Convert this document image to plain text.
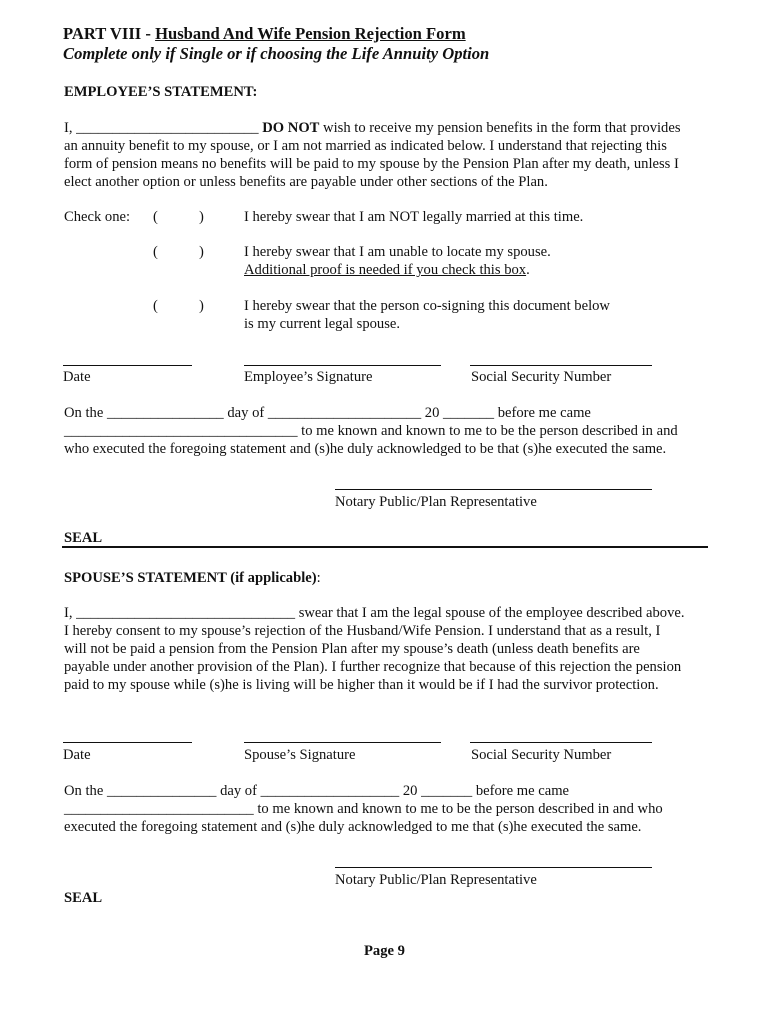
PART VIII - Husband And Wife Pension Rejection Form
Complete only if Single or if choosing the Life Annuity Option
EMPLOYEE’S STATEMENT:
I, _________________________ DO NOT wish to receive my pension benefits in the form that provides
an annuity benefit to my spouse, or I am not married as indicated below. I understand that rejecting this
form of pension means no benefits will be paid to my spouse by the Pension Plan after my death, unless I
elect another option or unless benefits are payable under other sections of the Plan.
Check one: (	)	I hereby swear that I am NOT legally married at this time.
(	)	I hereby swear that I am unable to locate my spouse.
Additional proof is needed if you check this box.
(	)	I hereby swear that the person co-signing this document below
is my current legal spouse.
Date	Employee’s Signature	Social Security Number
On the ________________ day of _____________________ 20 _______ before me came
________________________________ to me known and known to me to be the person described in and
who executed the foregoing statement and (s)he duly acknowledged to be that (s)he executed the same.
Notary Public/Plan Representative
SEAL
SPOUSE’S STATEMENT (if applicable):
I, ______________________________ swear that I am the legal spouse of the employee described above.
I hereby consent to my spouse’s rejection of the Husband/Wife Pension. I understand that as a result, I
will not be paid a pension from the Pension Plan after my spouse’s death (unless death benefits are
payable under another provision of the Plan). I further recognize that because of this rejection the pension
paid to my spouse while (s)he is living will be higher than it would be if I had the survivor protection.
Date	Spouse’s Signature	Social Security Number
On the _______________ day of ___________________ 20 _______ before me came
__________________________ to me known and known to me to be the person described in and who
executed the foregoing statement and (s)he duly acknowledged to me that (s)he executed the same.
Notary Public/Plan Representative
SEAL
Page 9
